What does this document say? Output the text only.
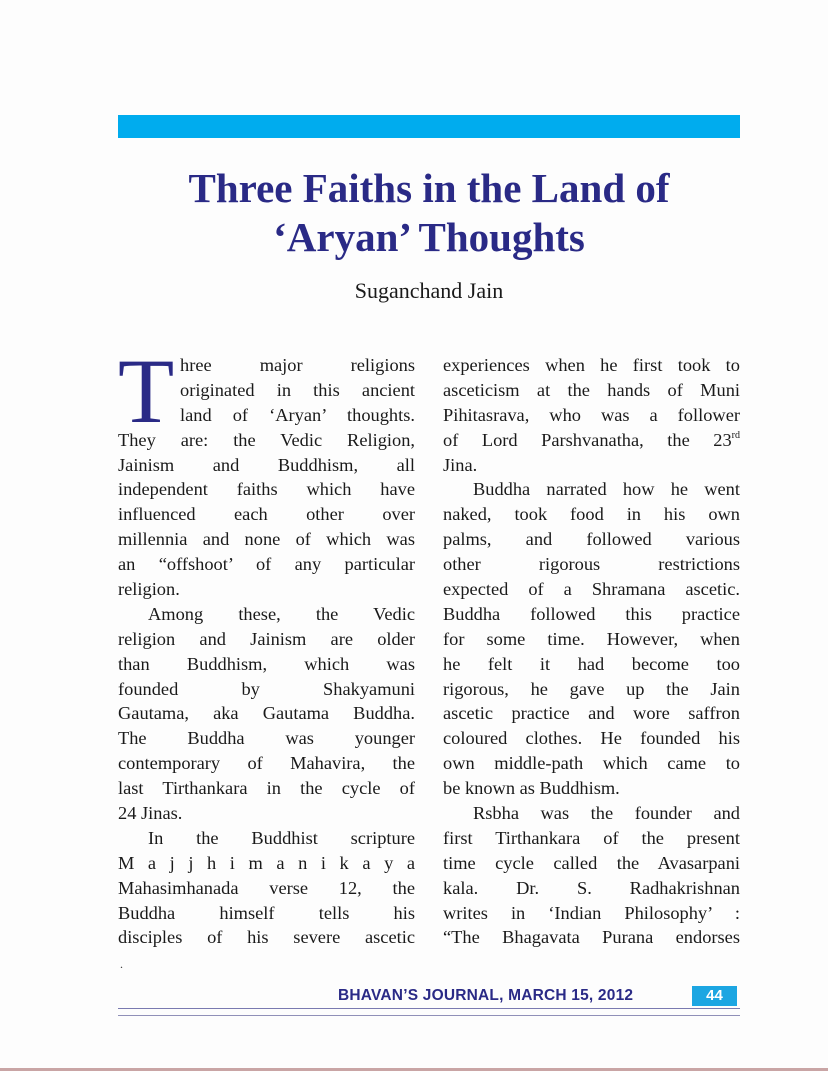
Three Faiths in the Land of
‘Aryan’ Thoughts
Suganchand Jain
T hree major religions
originated in this ancient
land of ‘Aryan’ thoughts.
They are: the Vedic Religion,
Jainism and Buddhism, all
independent faiths which have
influenced each other over
millennia and none of which was
an “offshoot’ of any particular
religion.
Among these, the Vedic
religion and Jainism are older
than Buddhism, which was
founded by Shakyamuni
Gautama, aka Gautama Buddha.
The Buddha was younger
contemporary of Mahavira, the
last Tirthankara in the cycle of
24 Jinas.
In the Buddhist scripture
M a j j h i m a n i k a y a
Mahasimhanada verse 12, the
Buddha himself tells his
disciples of his severe ascetic
.
experiences when he first took to
asceticism at the hands of Muni
Pihitasrava, who was a follower
of Lord Parshvanatha, the 23rd
Jina.
Buddha narrated how he went
naked, took food in his own
palms, and followed various
other rigorous restrictions
expected of a Shramana ascetic.
Buddha followed this practice
for some time. However, when
he felt it had become too
rigorous, he gave up the Jain
ascetic practice and wore saffron
coloured clothes. He founded his
own middle-path which came to
be known as Buddhism.
Rsbha was the founder and
first Tirthankara of the present
time cycle called the Avasarpani
kala. Dr. S. Radhakrishnan
writes in ‘Indian Philosophy’ :
“The Bhagavata Purana endorses
BHAVAN’S JOURNAL, MARCH 15, 2012	44
